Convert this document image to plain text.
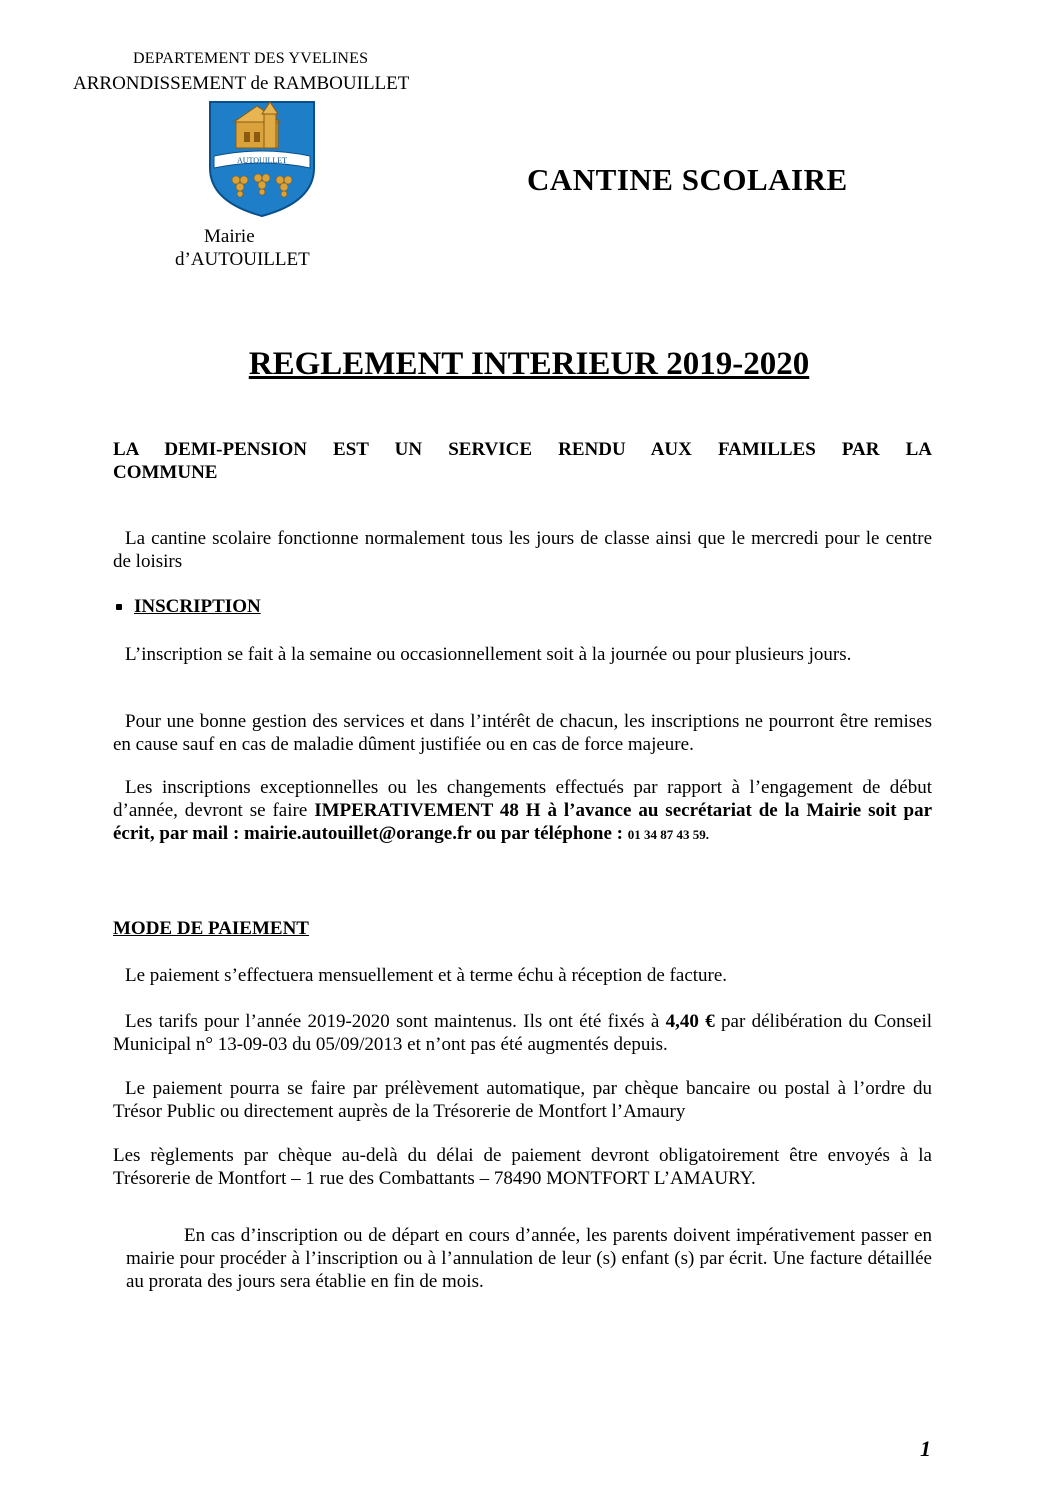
DEPARTEMENT DES YVELINES
ARRONDISSEMENT de RAMBOUILLET
AUTOUILLET
Mairie
d’AUTOUILLET
CANTINE SCOLAIRE
REGLEMENT INTERIEUR 2019-2020
LA DEMI-PENSION EST UN SERVICE RENDU AUX FAMILLES PAR LA
COMMUNE
La cantine scolaire fonctionne normalement tous les jours de classe ainsi que le mercredi pour le centre de loisirs
INSCRIPTION
L’inscription se fait à la semaine ou occasionnellement soit à la journée ou pour plusieurs jours.
Pour une bonne gestion des services et dans l’intérêt de chacun, les inscriptions ne pourront être remises en cause sauf en cas de maladie dûment justifiée ou en cas de force majeure.
Les inscriptions exceptionnelles ou les changements effectués par rapport à l’engagement de début d’année, devront se faire IMPERATIVEMENT 48 H à l’avance au secrétariat de la Mairie soit par écrit, par mail : mairie.autouillet@orange.fr ou par téléphone : 01 34 87 43 59.
MODE DE PAIEMENT
Le paiement s’effectuera mensuellement et à terme échu à réception de facture.
Les tarifs pour l’année 2019-2020 sont maintenus. Ils ont été fixés à 4,40 € par délibération du Conseil Municipal n° 13-09-03 du 05/09/2013 et n’ont pas été augmentés depuis.
Le paiement pourra se faire par prélèvement automatique, par chèque bancaire ou postal à l’ordre du Trésor Public ou directement auprès de la Trésorerie de Montfort l’Amaury
Les règlements par chèque au-delà du délai de paiement devront obligatoirement être envoyés à la Trésorerie de Montfort – 1 rue des Combattants – 78490 MONTFORT L’AMAURY.
En cas d’inscription ou de départ en cours d’année, les parents doivent impérativement passer en mairie pour procéder à l’inscription ou à l’annulation de leur (s) enfant (s) par écrit. Une facture détaillée au prorata des jours sera établie en fin de mois.
1
